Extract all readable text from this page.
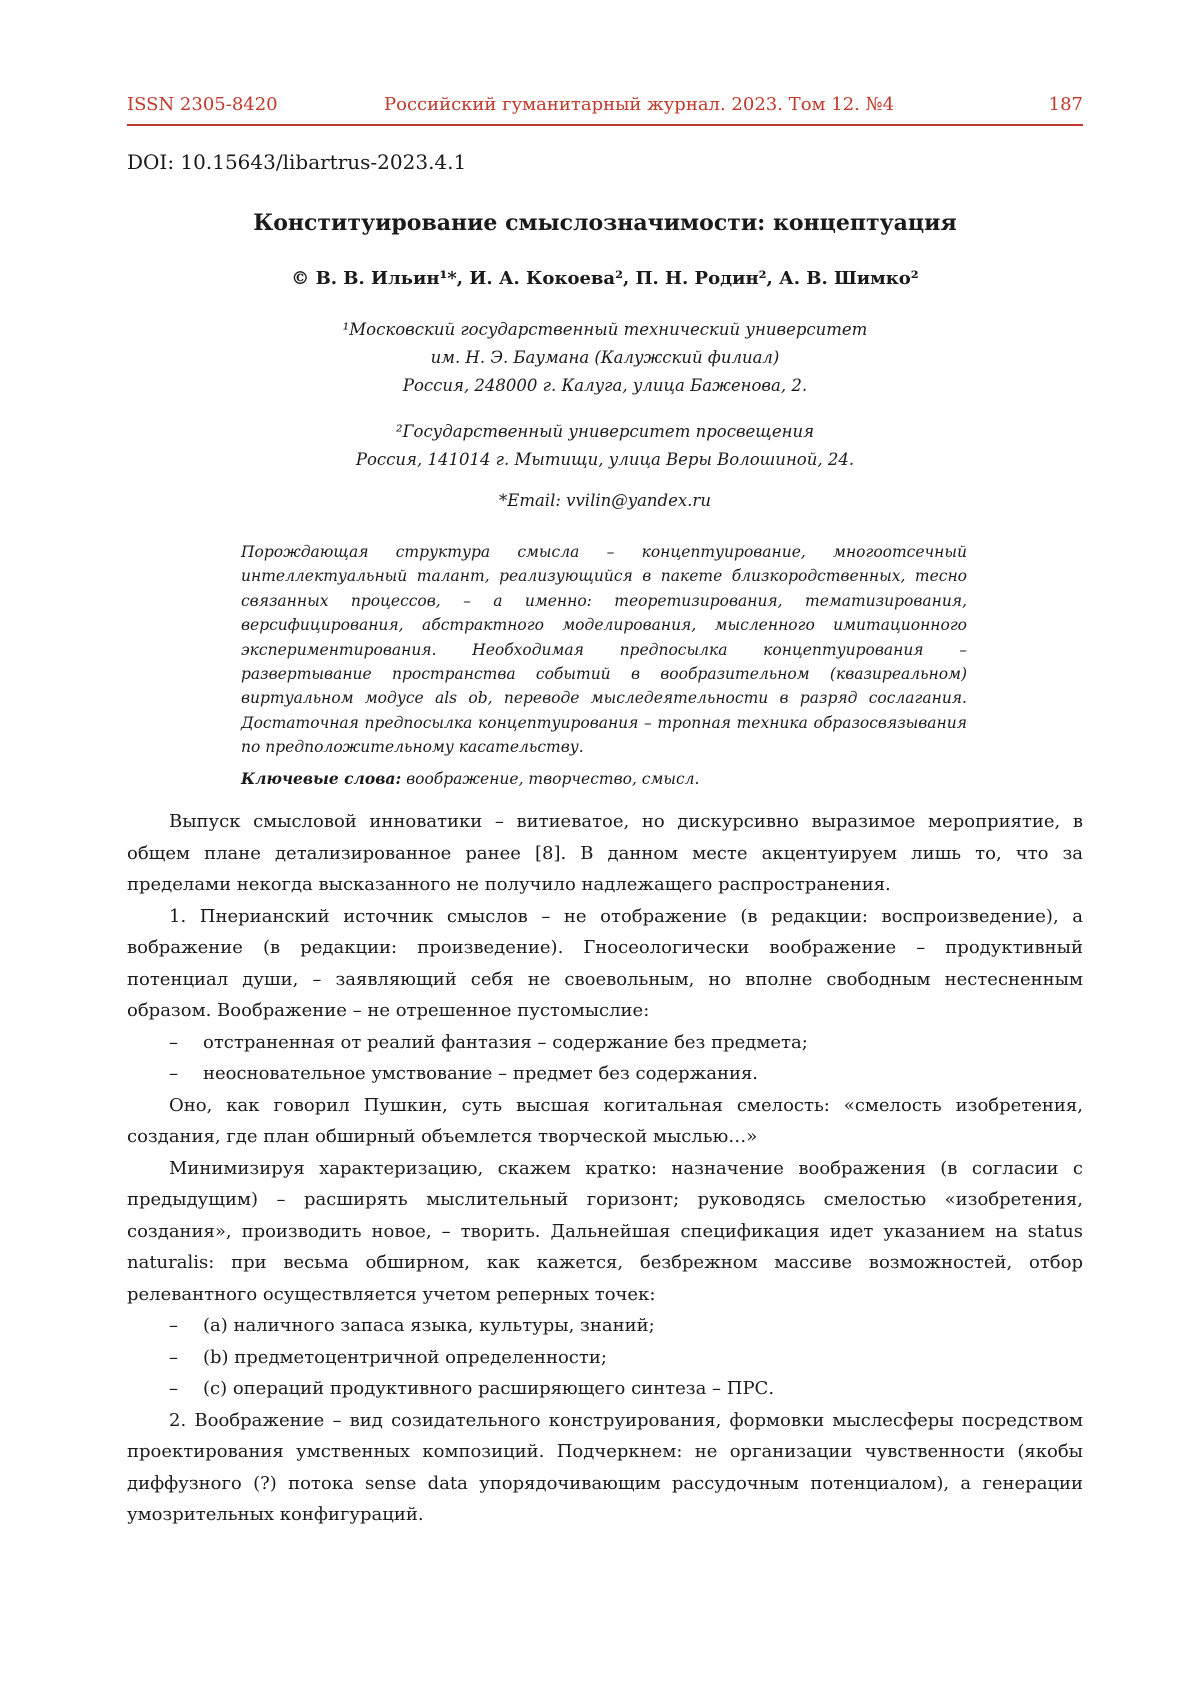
ISSN 2305-8420	Российский гуманитарный журнал. 2023. Том 12. №4	187
DOI: 10.15643/libartrus-2023.4.1
Конституирование смыслозначимости: концептуация
© В. В. Ильин¹*, И. А. Кокоева², П. Н. Родин², А. В. Шимко²
¹Московский государственный технический университет
им. Н. Э. Баумана (Калужский филиал)
Россия, 248000 г. Калуга, улица Баженова, 2.
²Государственный университет просвещения
Россия, 141014 г. Мытищи, улица Веры Волошиной, 24.
*Email: vvilin@yandex.ru
Порождающая структура смысла – концептуирование, многоотсечный интеллектуальный талант, реализующийся в пакете близкородственных, тесно связанных процессов, – а именно: теоретизирования, тематизирования, версифицирования, абстрактного моделирования, мысленного имитационного экспериментирования. Необходимая предпосылка концептуирования – развертывание пространства событий в вообразительном (квазиреальном) виртуальном модусе als ob, переводе мыследеятельности в разряд сослагания. Достаточная предпосылка концептуирования – тропная техника образосвязывания по предположительному касательству.
Ключевые слова: воображение, творчество, смысл.

Выпуск смысловой инноватики – витиеватое, но дискурсивно выразимое мероприятие, в общем плане детализированное ранее [8]. В данном месте акцентуируем лишь то, что за пределами некогда высказанного не получило надлежащего распространения.

1. Пнерианский источник смыслов – не отображение (в редакции: воспроизведение), а вображение (в редакции: произведение). Гносеологически воображение – продуктивный потенциал души, – заявляющий себя не своевольным, но вполне свободным нестесненным образом. Воображение – не отрешенное пустомыслие:

– отстраненная от реалий фантазия – содержание без предмета;

– неосновательное умствование – предмет без содержания.

Оно, как говорил Пушкин, суть высшая когитальная смелость: «смелость изобретения, создания, где план обширный объемлется творческой мыслью…»

Минимизируя характеризацию, скажем кратко: назначение воображения (в согласии с предыдущим) – расширять мыслительный горизонт; руководясь смелостью «изобретения, создания», производить новое, – творить. Дальнейшая спецификация идет указанием на status naturalis: при весьма обширном, как кажется, безбрежном массиве возможностей, отбор релевантного осуществляется учетом реперных точек:

– (a) наличного запаса языка, культуры, знаний;

– (b) предметоцентричной определенности;

– (c) операций продуктивного расширяющего синтеза – ПРС.

2. Воображение – вид созидательного конструирования, формовки мыслесферы посредством проектирования умственных композиций. Подчеркнем: не организации чувственности (якобы диффузного (?) потока sense data упорядочивающим рассудочным потенциалом), а генерации умозрительных конфигураций.
